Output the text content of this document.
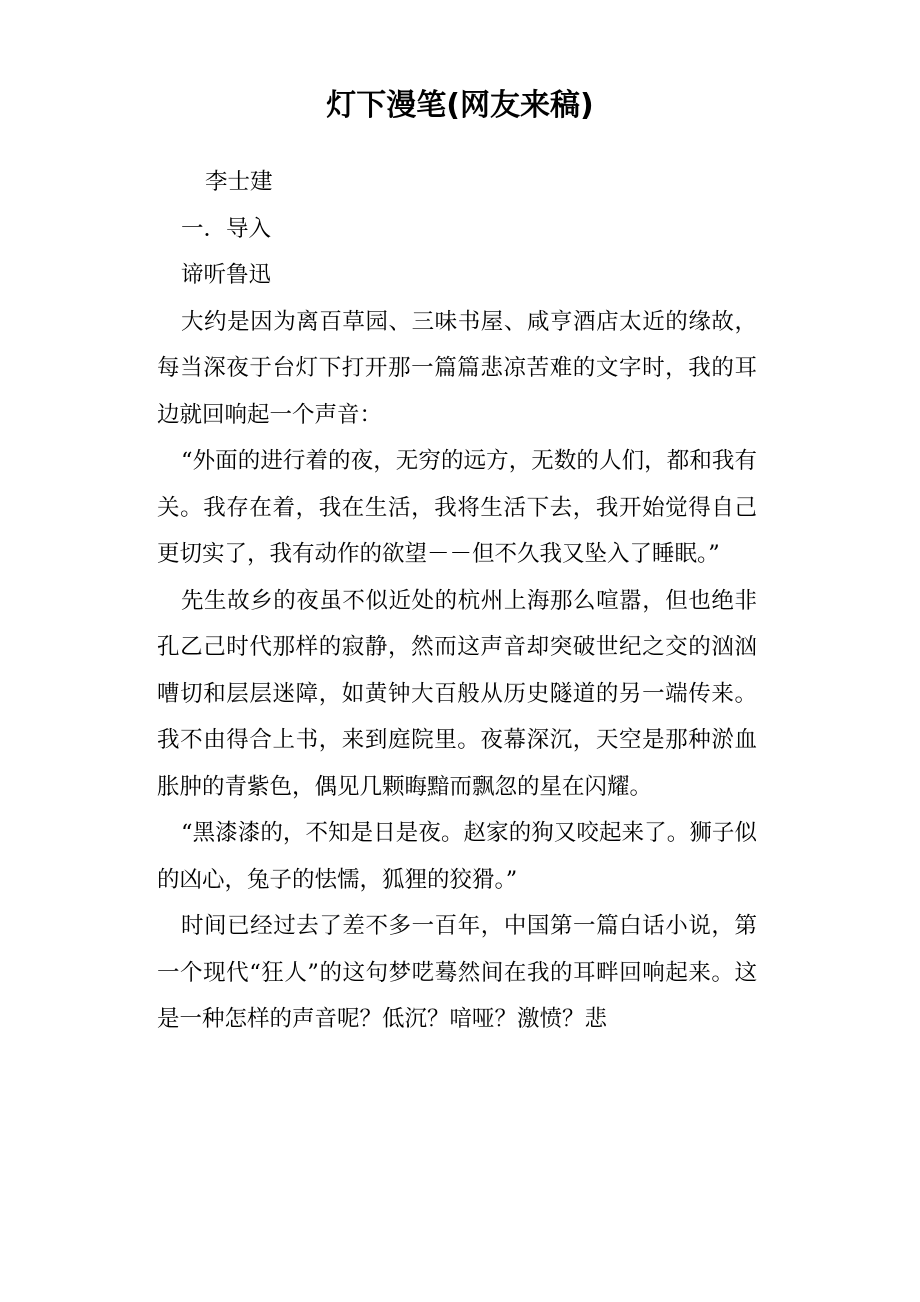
灯下漫笔(网友来稿)

李士建

一．导入

谛听鲁迅

大约是因为离百草园、三味书屋、咸亨酒店太近的缘故，每当深夜于台灯下打开那一篇篇悲凉苦难的文字时，我的耳边就回响起一个声音：

“外面的进行着的夜，无穷的远方，无数的人们，都和我有关。我存在着，我在生活，我将生活下去，我开始觉得自己更切实了，我有动作的欲望－－但不久我又坠入了睡眠。”

先生故乡的夜虽不似近处的杭州上海那么喧嚣，但也绝非孔乙己时代那样的寂静，然而这声音却突破世纪之交的汹汹嘈切和层层迷障，如黄钟大百般从历史隧道的另一端传来。我不由得合上书，来到庭院里。夜幕深沉，天空是那种淤血胀肿的青紫色，偶见几颗晦黯而飘忽的星在闪耀。

“黑漆漆的，不知是日是夜。赵家的狗又咬起来了。狮子似的凶心，兔子的怯懦，狐狸的狡猾。”

时间已经过去了差不多一百年，中国第一篇白话小说，第一个现代“狂人”的这句梦呓蓦然间在我的耳畔回响起来。这是一种怎样的声音呢？低沉？喑哑？激愤？悲
